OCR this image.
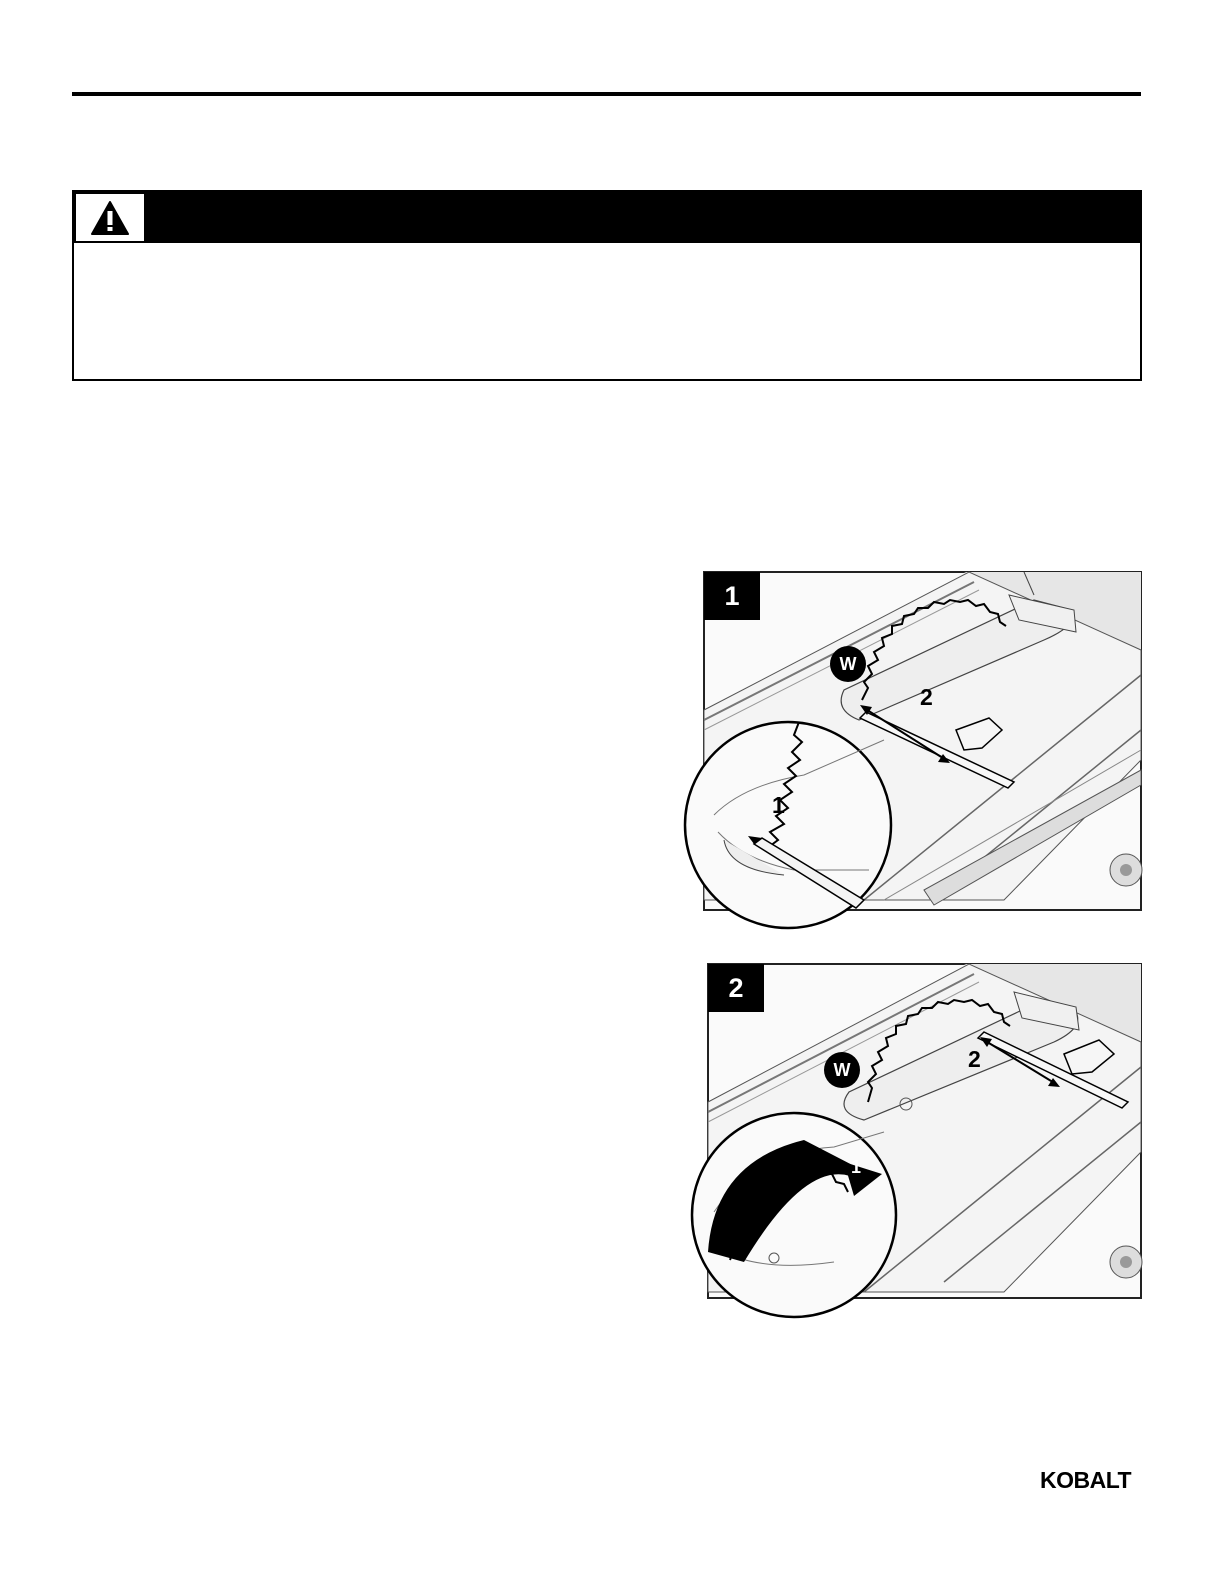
1
W
2
1
2
W	2
1
KOBALT
